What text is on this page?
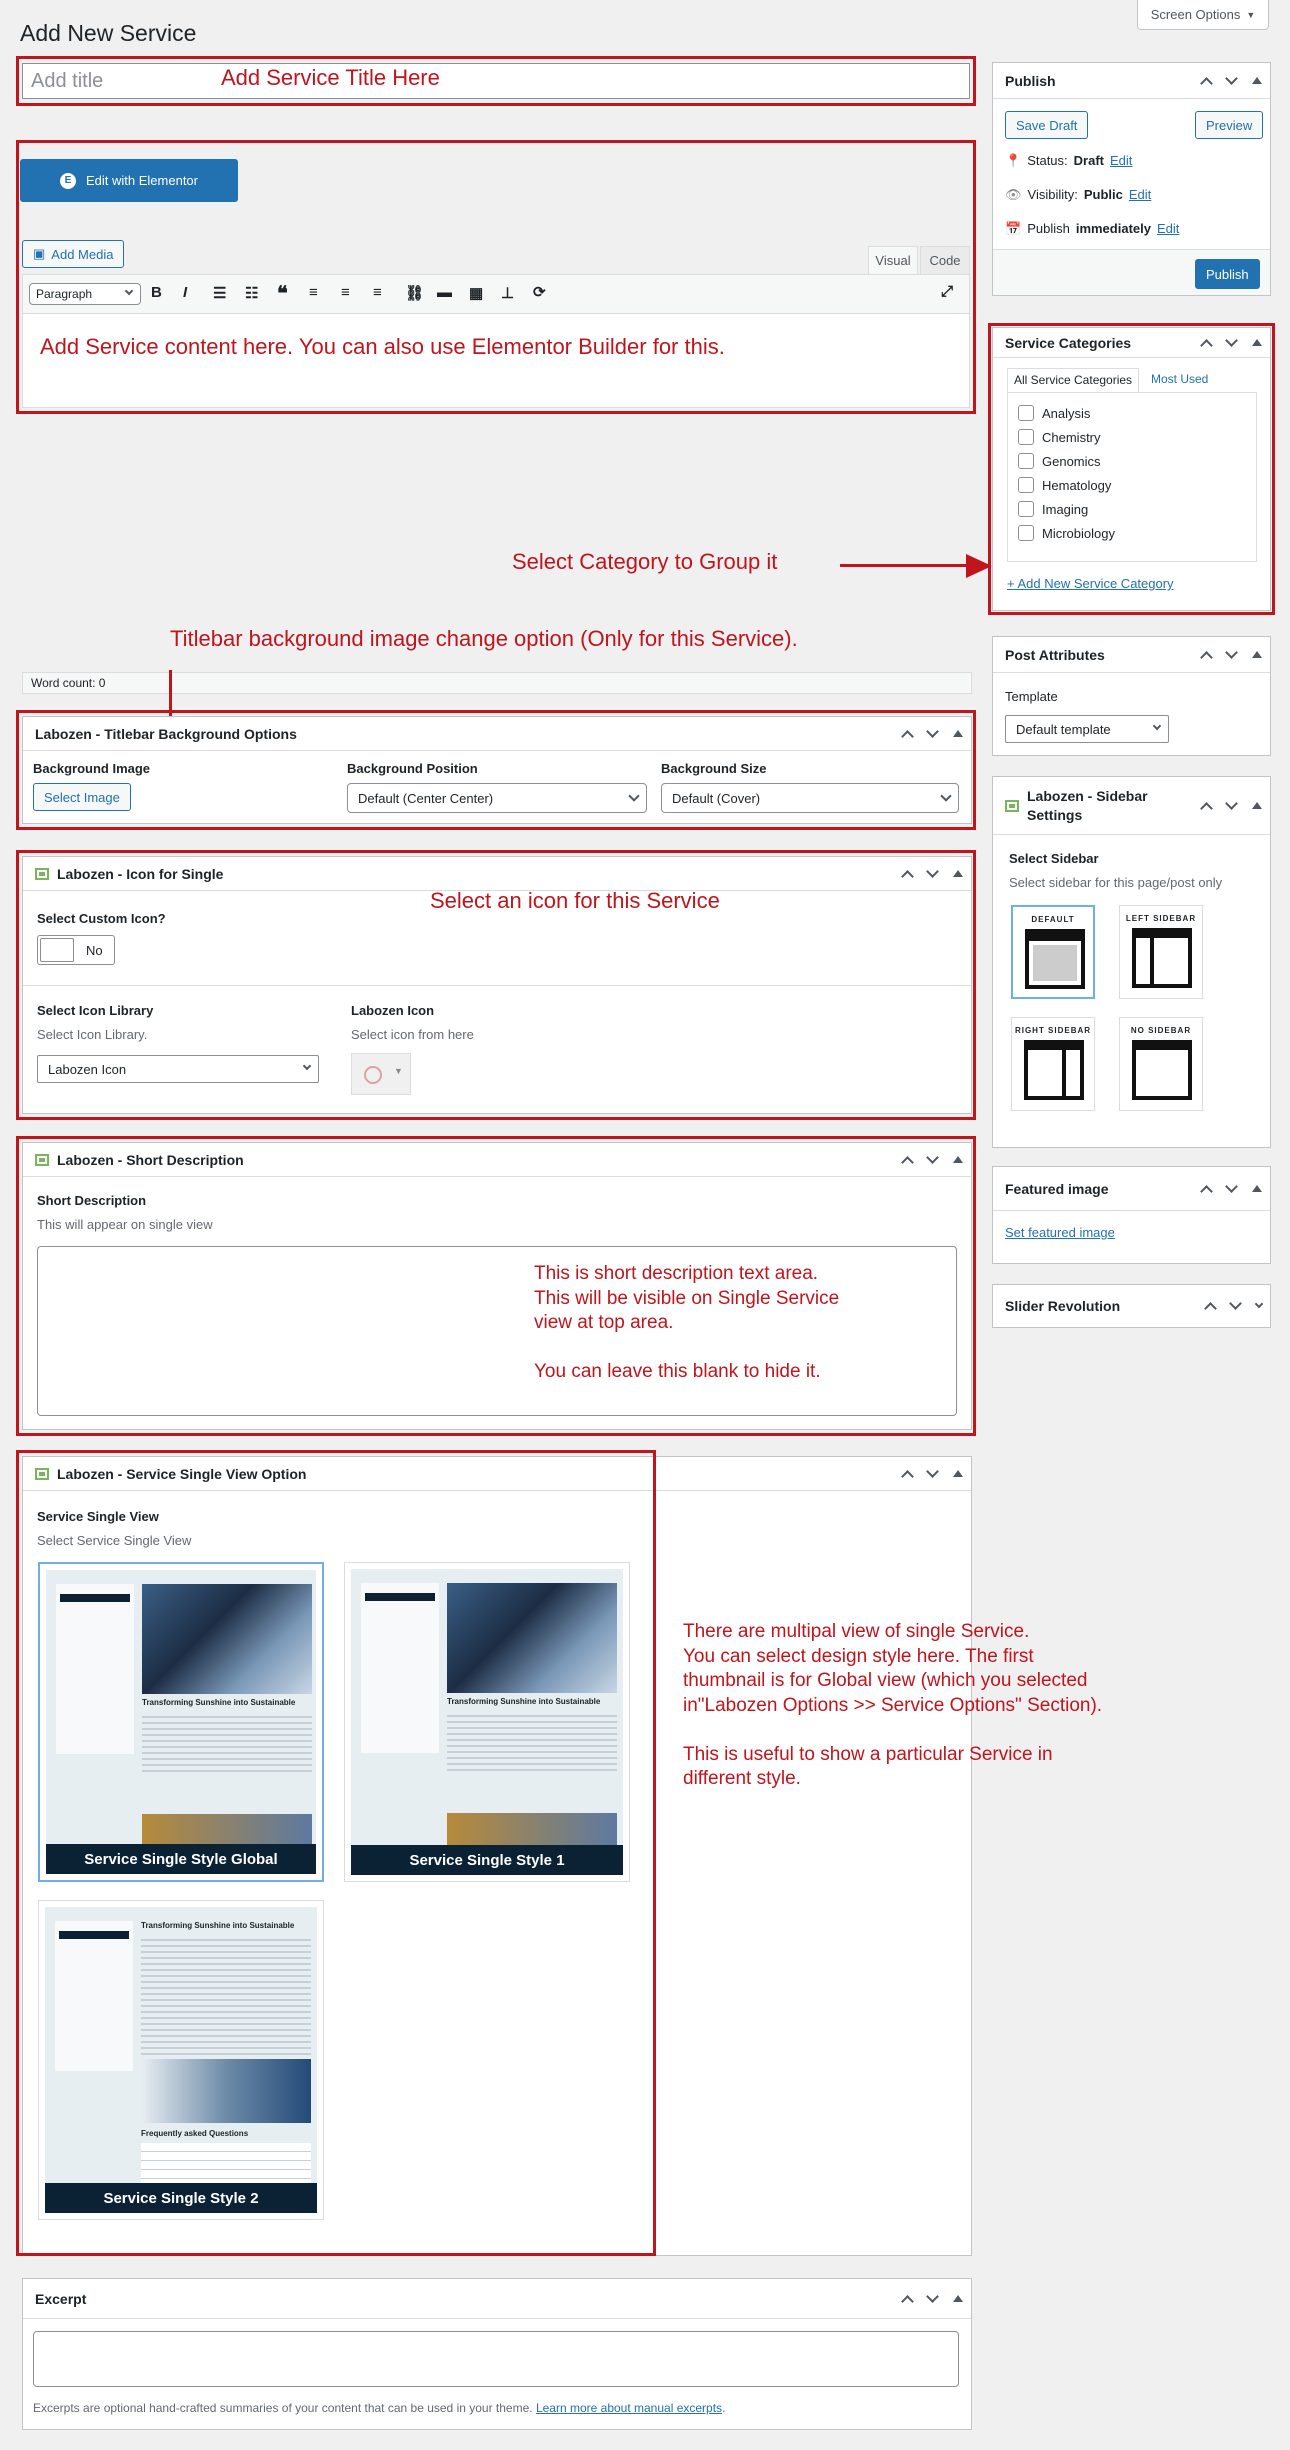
Add New Service
Screen Options ▼
Add title	Add Service Title Here
E	Edit with Elementor
▣ Add Media	Visual	Code
Paragraph	B I ☰ ☷ ❝ ≡ ≡ ≡ ⛓ ▬ ▦ ⊥ ⟳	⤢
Add Service content here. You can also use Elementor Builder for this.
Word count: 0
Select Category to Group it
Titlebar background image change option (Only for this Service).
Labozen - Titlebar Background Options
Background Image
Select Image
Background Position
Default (Center Center)
Background Size
Default (Cover)
Labozen - Icon for Single
Select Custom Icon?
No
Select Icon Library
Select Icon Library.
Labozen Icon
Labozen Icon
Select icon from here
▼
Select an icon for this Service
Labozen - Short Description
Short Description
This will appear on single view
This is short description text area.
This will be visible on Single Service
view at top area.
You can leave this blank to hide it.
Labozen - Service Single View Option
Service Single View
Select Service Single View
Transforming Sunshine into Sustainable
Service Single Style Global
Transforming Sunshine into Sustainable
Service Single Style 1
Transforming Sunshine into Sustainable
Frequently asked Questions
Service Single Style 2
There are multipal view of single Service.
You can select design style here. The first
thumbnail is for Global view (which you selected
in"Labozen Options >> Service Options" Section).
This is useful to show a particular Service in
different style.
Excerpt
Excerpts are optional hand-crafted summaries of your content that can be used in your theme. Learn more about manual excerpts.
Publish
Save Draft	Preview
📍 Status: Draft Edit
👁 Visibility: Public Edit
📅 Publish immediately Edit
Publish
Service Categories
All Service Categories	Most Used
Analysis
Chemistry
Genomics
Hematology
Imaging
Microbiology
+ Add New Service Category
Post Attributes
Template
Default template
Labozen - Sidebar Settings
Select Sidebar
Select sidebar for this page/post only
DEFAULT	LEFT SIDEBAR
RIGHT SIDEBAR	NO SIDEBAR
Featured image
Set featured image
Slider Revolution
